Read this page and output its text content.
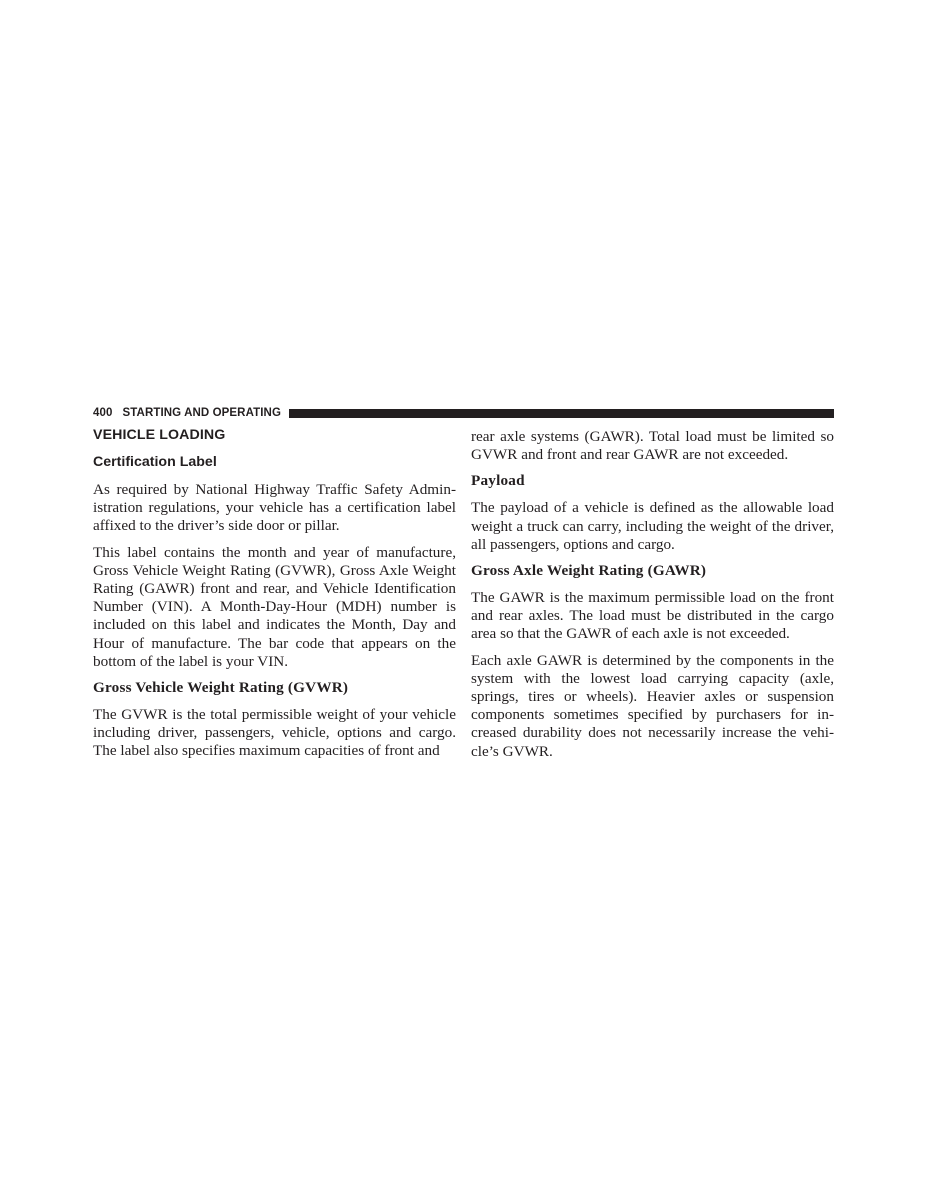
400 STARTING AND OPERATING
VEHICLE LOADING
Certification Label

As required by National Highway Traffic Safety Administration regulations, your vehicle has a certification label affixed to the driver’s side door or pillar.

This label contains the month and year of manufacture, Gross Vehicle Weight Rating (GVWR), Gross Axle Weight Rating (GAWR) front and rear, and Vehicle Identification Number (VIN). A Month-Day-Hour (MDH) number is included on this label and indicates the Month, Day and Hour of manufacture. The bar code that appears on the bottom of the label is your VIN.

Gross Vehicle Weight Rating (GVWR)

The GVWR is the total permissible weight of your vehicle including driver, passengers, vehicle, options and cargo. The label also specifies maximum capacities of front and

rear axle systems (GAWR). Total load must be limited so GVWR and front and rear GAWR are not exceeded.

Payload

The payload of a vehicle is defined as the allowable load weight a truck can carry, including the weight of the driver, all passengers, options and cargo.

Gross Axle Weight Rating (GAWR)

The GAWR is the maximum permissible load on the front and rear axles. The load must be distributed in the cargo area so that the GAWR of each axle is not exceeded.

Each axle GAWR is determined by the components in the system with the lowest load carrying capacity (axle, springs, tires or wheels). Heavier axles or suspension components sometimes specified by purchasers for increased durability does not necessarily increase the vehicle’s GVWR.
